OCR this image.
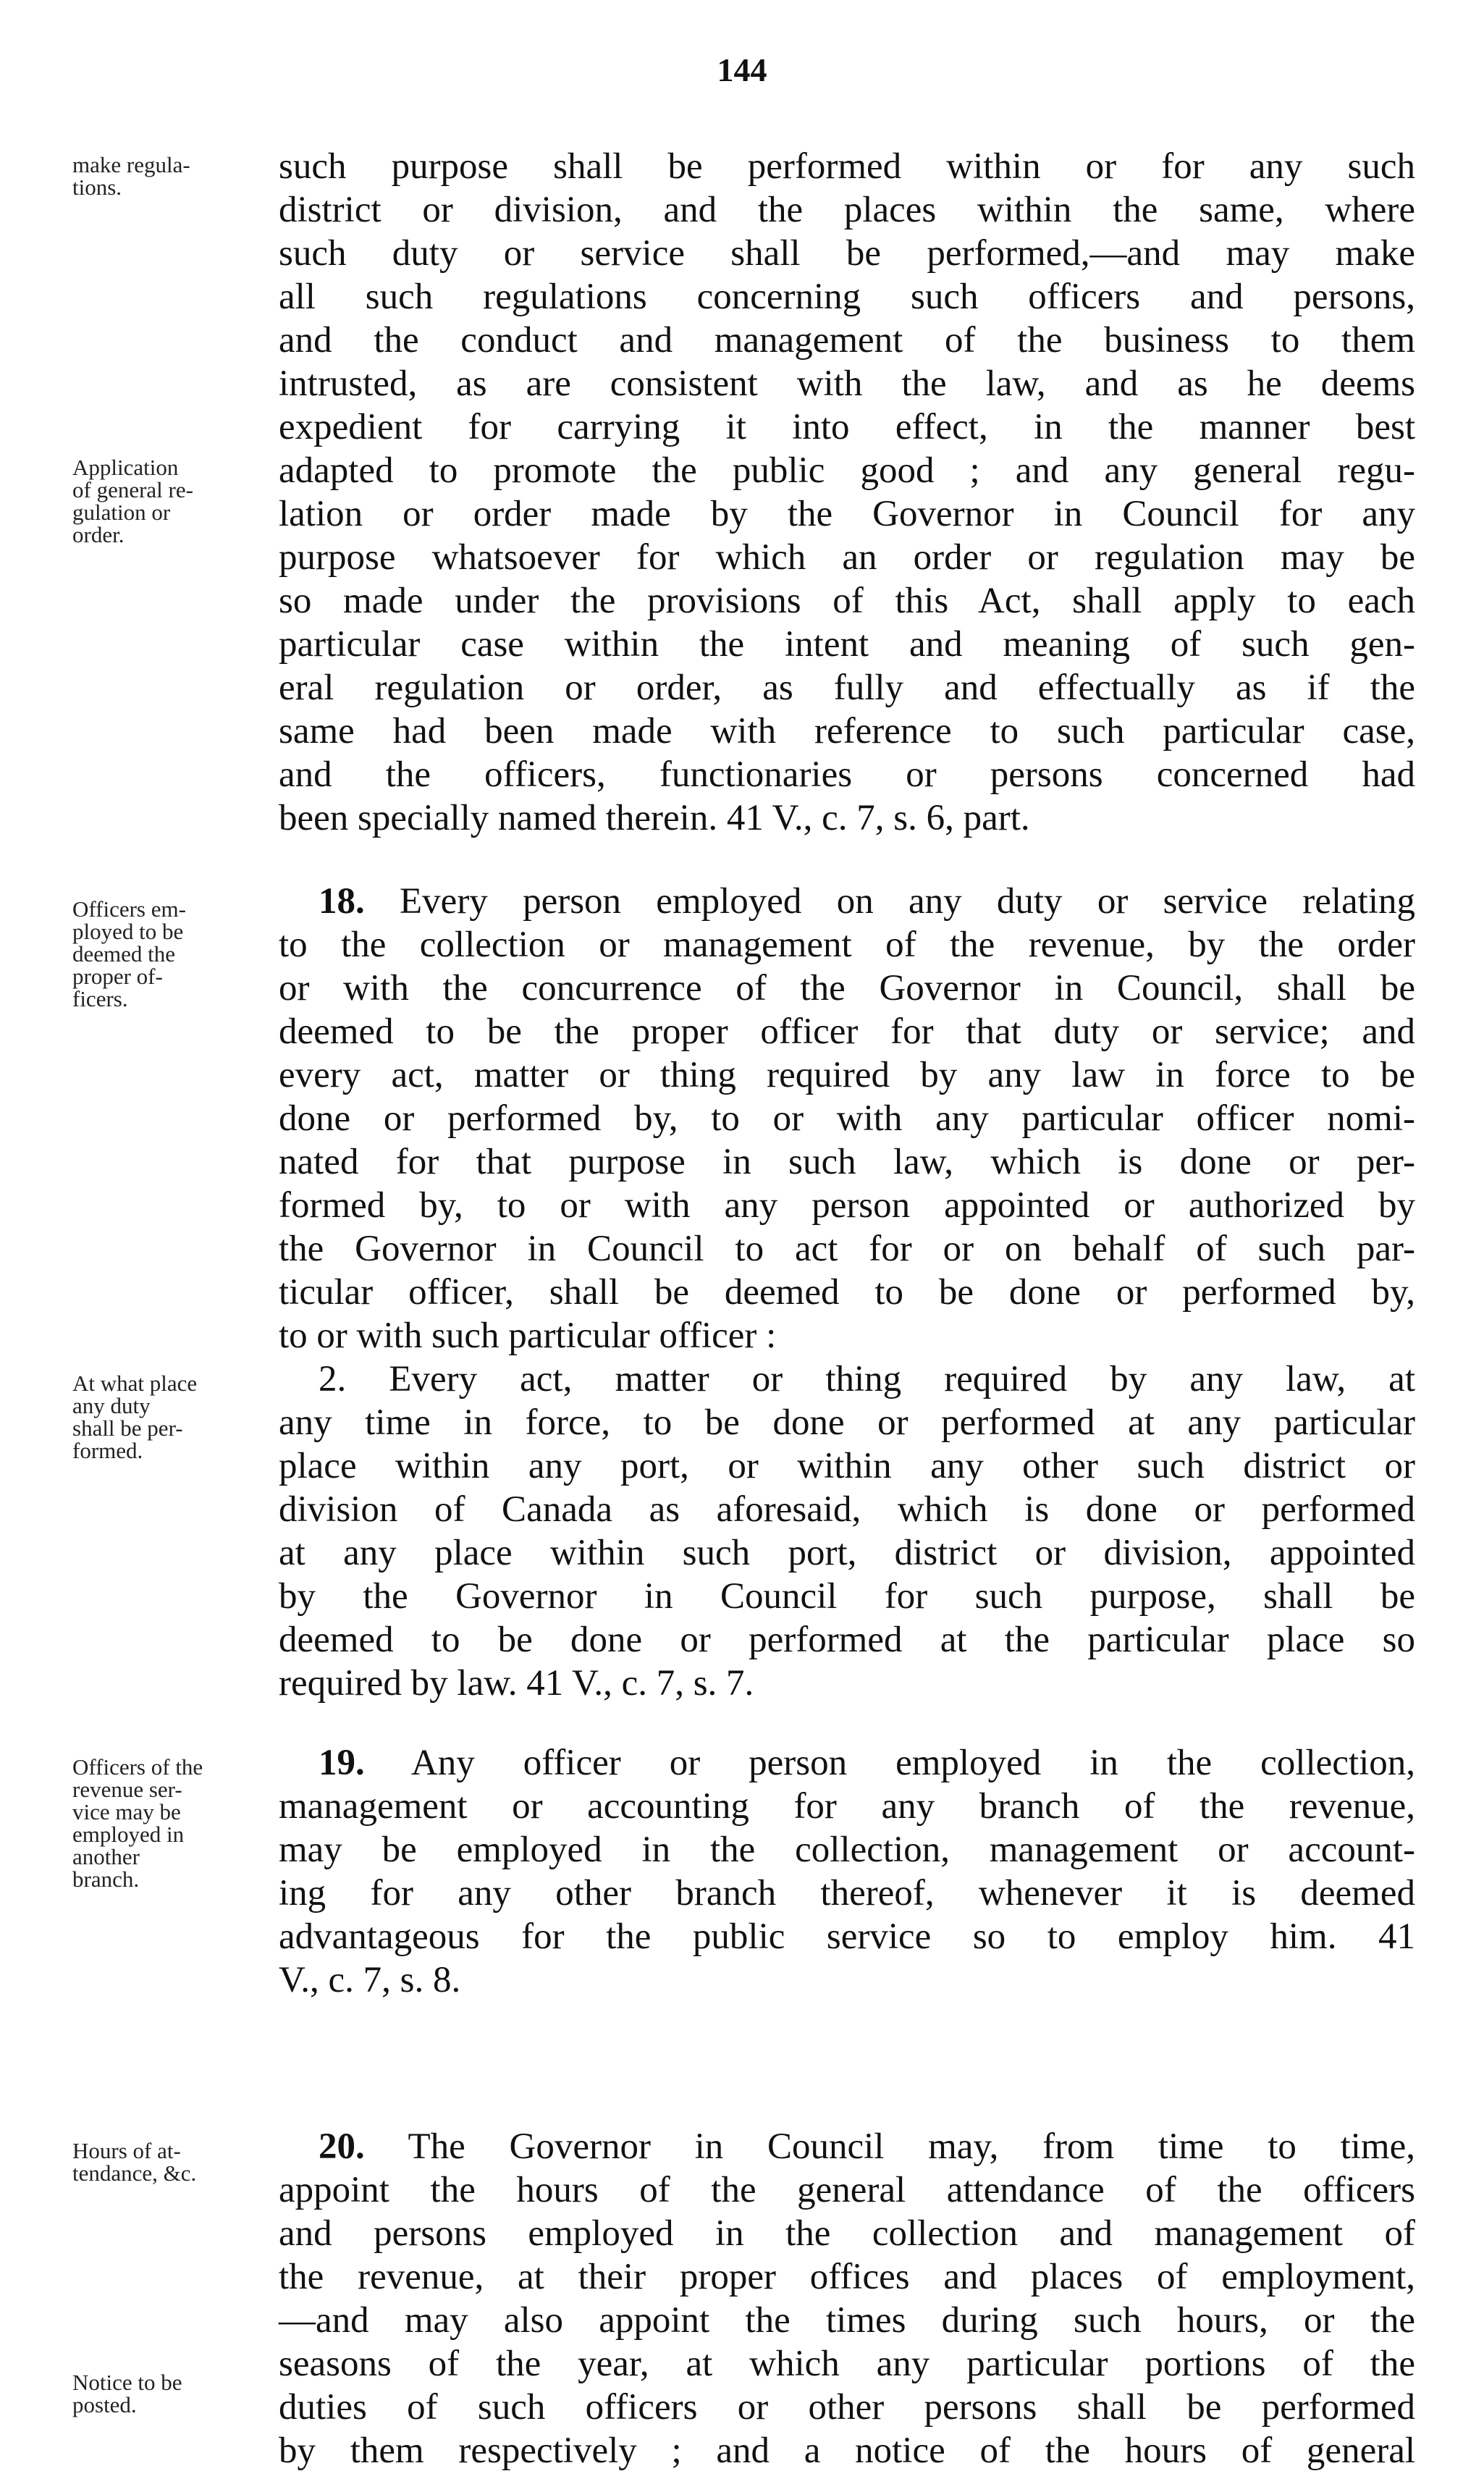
144
make regula-
tions.
Application
of general re-
gulation or
order.
Officers em-
ployed to be
deemed the
proper of-
ficers.
At what place
any duty
shall be per-
formed.
Officers of the
revenue ser-
vice may be
employed in
another
branch.
Hours of at-
tendance, &c.
Notice to be
posted.
such purpose shall be performed within or for any such
district or division, and the places within the same, where
such duty or service shall be performed,—and may make
all such regulations concerning such officers and persons,
and the conduct and management of the business to them
intrusted, as are consistent with the law, and as he deems
expedient for carrying it into effect, in the manner best
adapted to promote the public good ; and any general regu-
lation or order made by the Governor in Council for any
purpose whatsoever for which an order or regulation may be
so made under the provisions of this Act, shall apply to each
particular case within the intent and meaning of such gen-
eral regulation or order, as fully and effectually as if the
same had been made with reference to such particular case,
and the officers, functionaries or persons concerned had
been specially named therein. 41 V., c. 7, s. 6, part.
18. Every person employed on any duty or service relating
to the collection or management of the revenue, by the order
or with the concurrence of the Governor in Council, shall be
deemed to be the proper officer for that duty or service; and
every act, matter or thing required by any law in force to be
done or performed by, to or with any particular officer nomi-
nated for that purpose in such law, which is done or per-
formed by, to or with any person appointed or authorized by
the Governor in Council to act for or on behalf of such par-
ticular officer, shall be deemed to be done or performed by,
to or with such particular officer :
2. Every act, matter or thing required by any law, at
any time in force, to be done or performed at any particular
place within any port, or within any other such district or
division of Canada as aforesaid, which is done or performed
at any place within such port, district or division, appointed
by the Governor in Council for such purpose, shall be
deemed to be done or performed at the particular place so
required by law. 41 V., c. 7, s. 7.
19. Any officer or person employed in the collection,
management or accounting for any branch of the revenue,
may be employed in the collection, management or account-
ing for any other branch thereof, whenever it is deemed
advantageous for the public service so to employ him. 41
V., c. 7, s. 8.
20. The Governor in Council may, from time to time,
appoint the hours of the general attendance of the officers
and persons employed in the collection and management of
the revenue, at their proper offices and places of employment,
—and may also appoint the times during such hours, or the
seasons of the year, at which any particular portions of the
duties of such officers or other persons shall be performed
by them respectively ; and a notice of the hours of general
